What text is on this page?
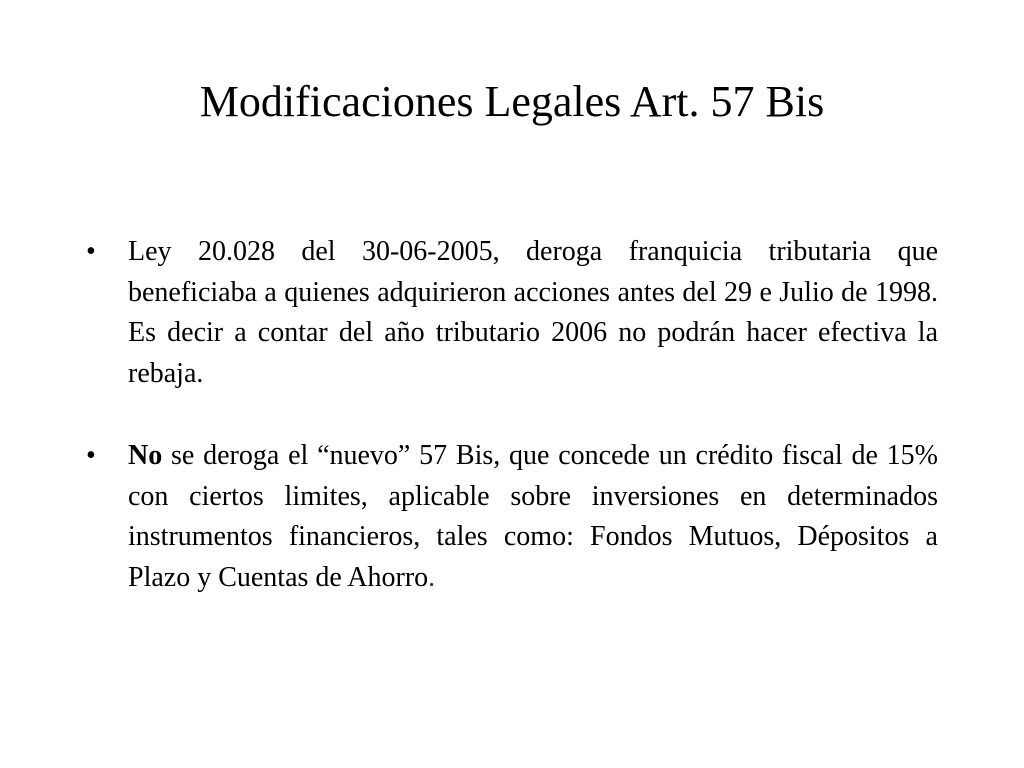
Modificaciones Legales Art. 57 Bis
•	Ley 20.028 del 30-06-2005, deroga franquicia tributaria que beneficiaba a quienes adquirieron acciones antes del 29 e Julio de 1998. Es decir a contar del año tributario 2006 no podrán hacer efectiva la rebaja.
•	No se deroga el “nuevo” 57 Bis, que concede un crédito fiscal de 15% con ciertos limites, aplicable sobre inversiones en determinados instrumentos financieros, tales como: Fondos Mutuos, Dépositos a Plazo y Cuentas de Ahorro.
